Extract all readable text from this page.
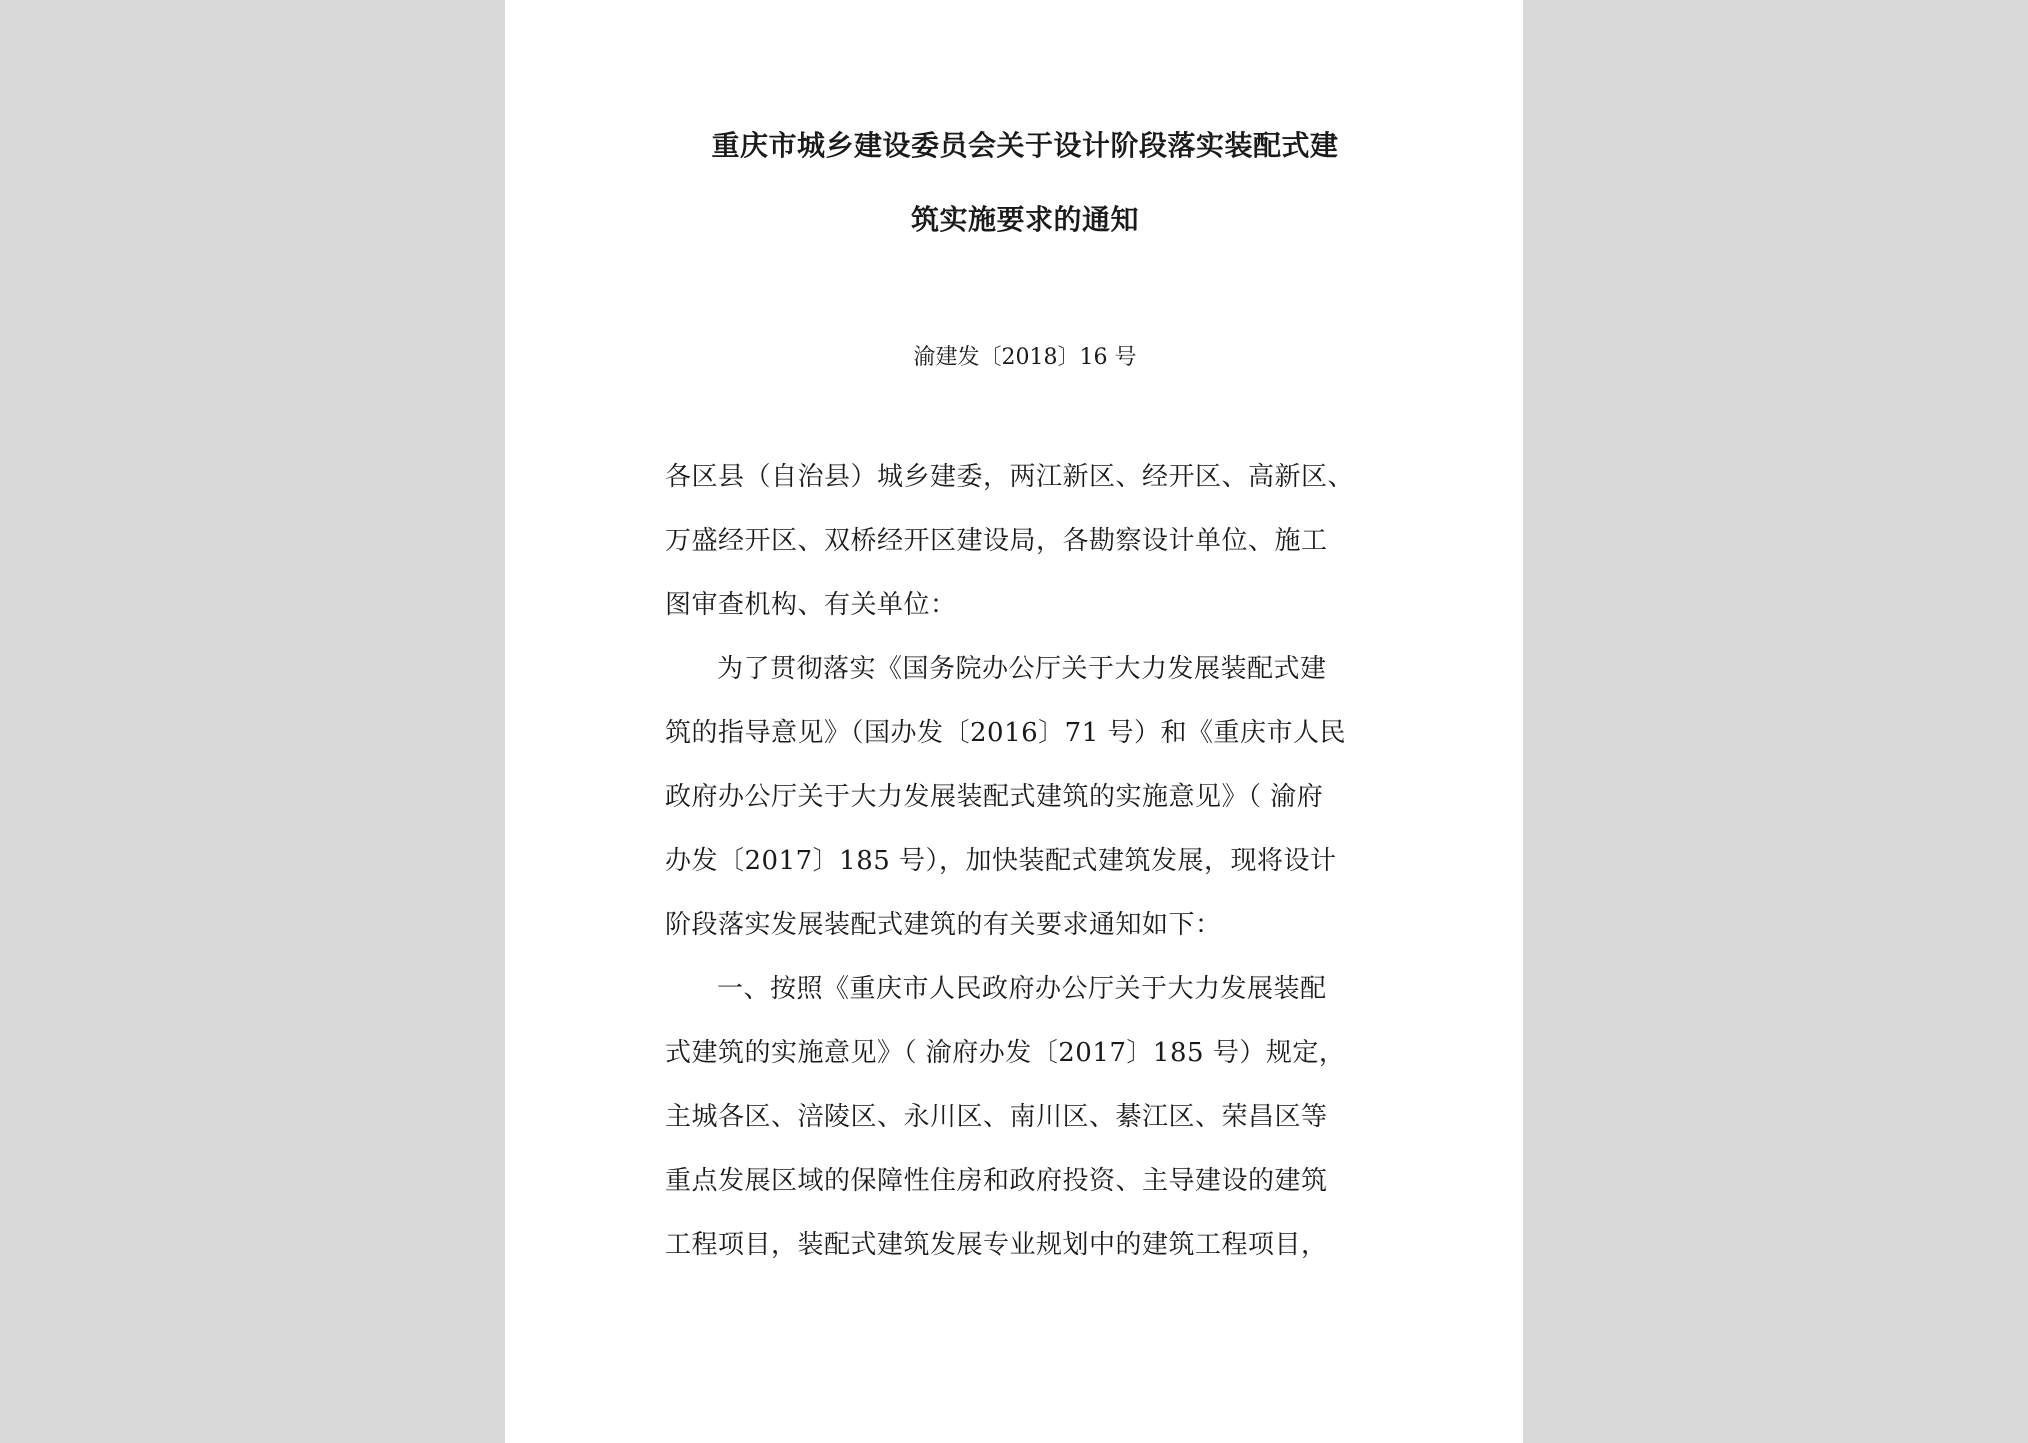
重庆市城乡建设委员会关于设计阶段落实装配式建
筑实施要求的通知
渝建发〔2018〕16 号
各区县（自治县）城乡建委，两江新区、经开区、高新区、
万盛经开区、双桥经开区建设局，各勘察设计单位、施工
图审查机构、有关单位：
为了贯彻落实《国务院办公厅关于大力发展装配式建
筑的指导意见》（国办发〔2016〕71 号）和《重庆市人民
政府办公厅关于大力发展装配式建筑的实施意见》（ 渝府
办发〔2017〕185 号），加快装配式建筑发展，现将设计
阶段落实发展装配式建筑的有关要求通知如下：
一、按照《重庆市人民政府办公厅关于大力发展装配
式建筑的实施意见》（ 渝府办发〔2017〕185 号）规定，
主城各区、涪陵区、永川区、南川区、綦江区、荣昌区等
重点发展区域的保障性住房和政府投资、主导建设的建筑
工程项目，装配式建筑发展专业规划中的建筑工程项目，
